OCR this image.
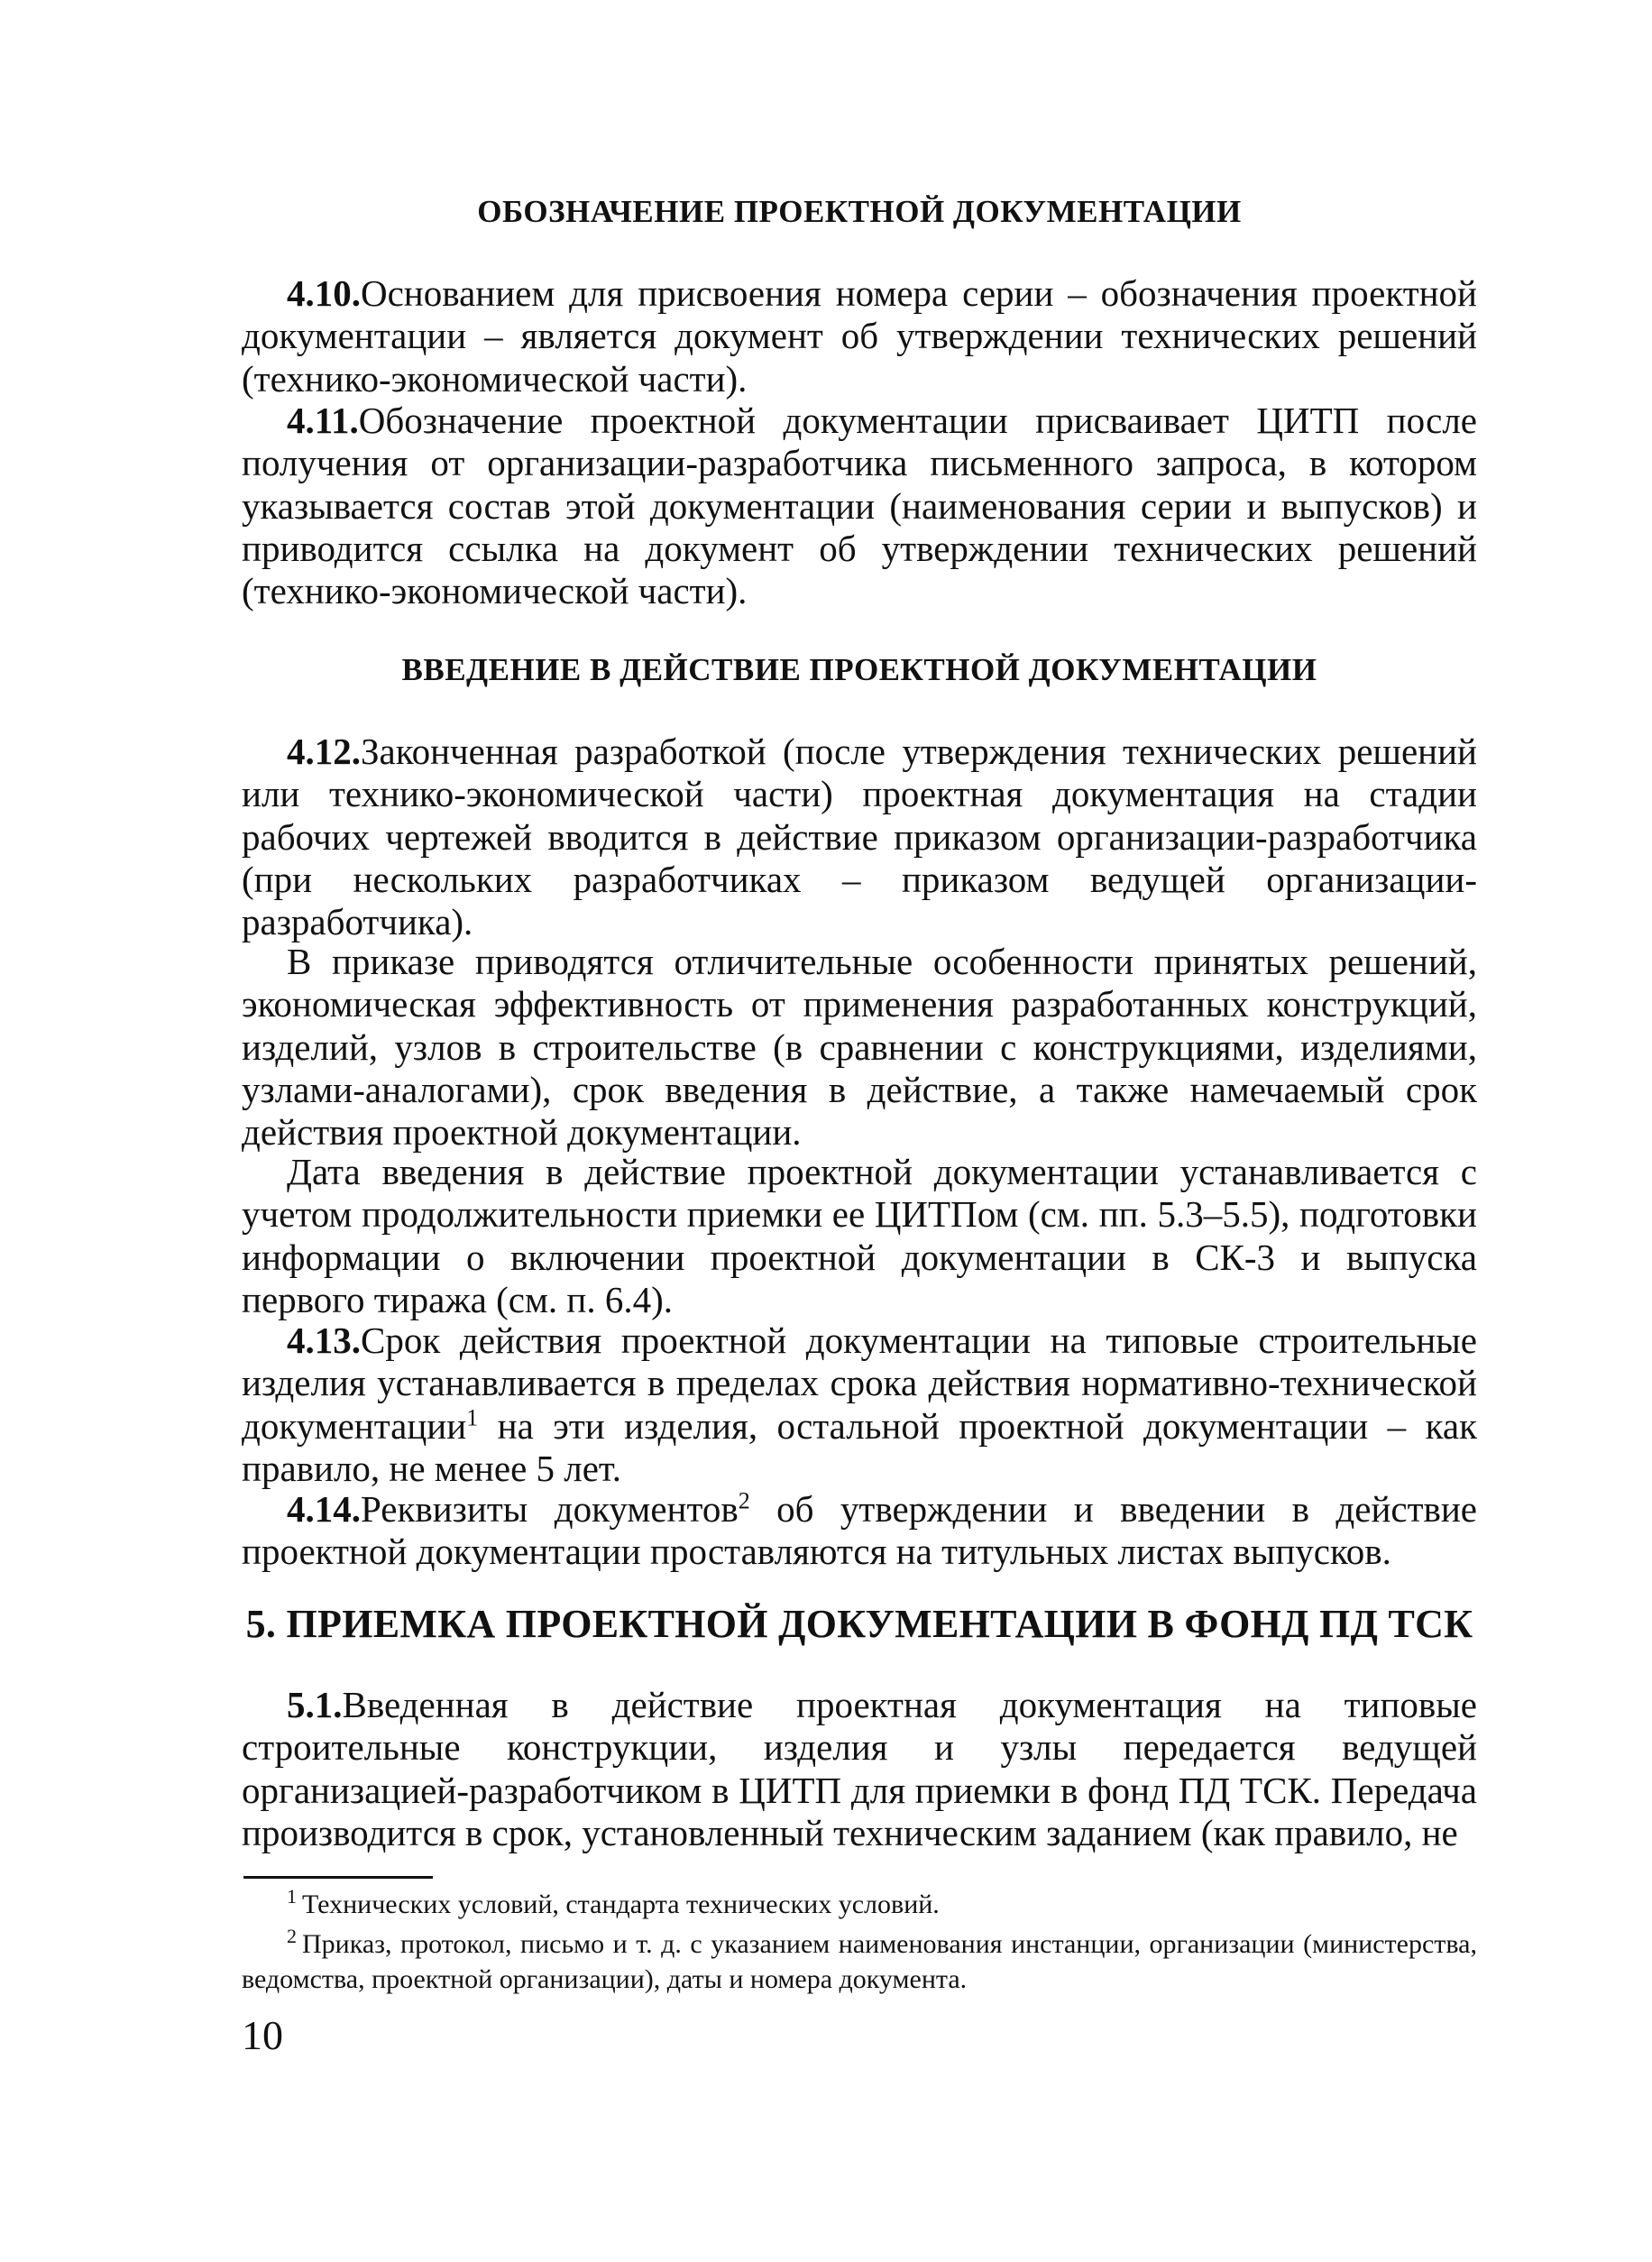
ОБОЗНАЧЕНИЕ ПРОЕКТНОЙ ДОКУМЕНТАЦИИ
4.10.Основанием для присвоения номера серии – обозначения проектной документации – является документ об утверждении технических решений (технико-экономической части).
4.11.Обозначение проектной документации присваивает ЦИТП после получения от организации-разработчика письменного запроса, в котором указывается состав этой документации (наименования серии и выпусков) и приводится ссылка на документ об утверждении технических решений (технико-экономической части).
ВВЕДЕНИЕ В ДЕЙСТВИЕ ПРОЕКТНОЙ ДОКУМЕНТАЦИИ
4.12.Законченная разработкой (после утверждения технических решений или технико-экономической части) проектная документация на стадии рабочих чертежей вводится в действие приказом организации-разработчика (при нескольких разработчиках – приказом ведущей организации-разработчика).
В приказе приводятся отличительные особенности принятых решений, экономическая эффективность от применения разработанных конструкций, изделий, узлов в строительстве (в сравнении с конструкциями, изделиями, узлами-аналогами), срок введения в действие, а также намечаемый срок действия проектной документации.
Дата введения в действие проектной документации устанавливается с учетом продолжительности приемки ее ЦИТПом (см. пп. 5.3–5.5), подготовки информации о включении проектной документации в СК-3 и выпуска первого тиража (см. п. 6.4).
4.13.Срок действия проектной документации на типовые строительные изделия устанавливается в пределах срока действия нормативно-технической документации$^1$ на эти изделия, остальной проектной документации – как правило, не менее 5 лет.
4.14.Реквизиты документов$^2$ об утверждении и введении в действие проектной документации проставляются на титульных листах выпусков.
5. ПРИЕМКА ПРОЕКТНОЙ ДОКУМЕНТАЦИИ В ФОНД ПД ТСК
5.1.Введенная в действие проектная документация на типовые строительные конструкции, изделия и узлы передается ведущей организацией-разработчиком в ЦИТП для приемки в фонд ПД ТСК. Передача производится в срок, установленный техническим заданием (как правило, не
$^1$ Технических условий, стандарта технических условий.
$^2$ Приказ, протокол, письмо и т. д. с указанием наименования инстанции, организации (министерства, ведомства, проектной организации), даты и номера документа.
10
